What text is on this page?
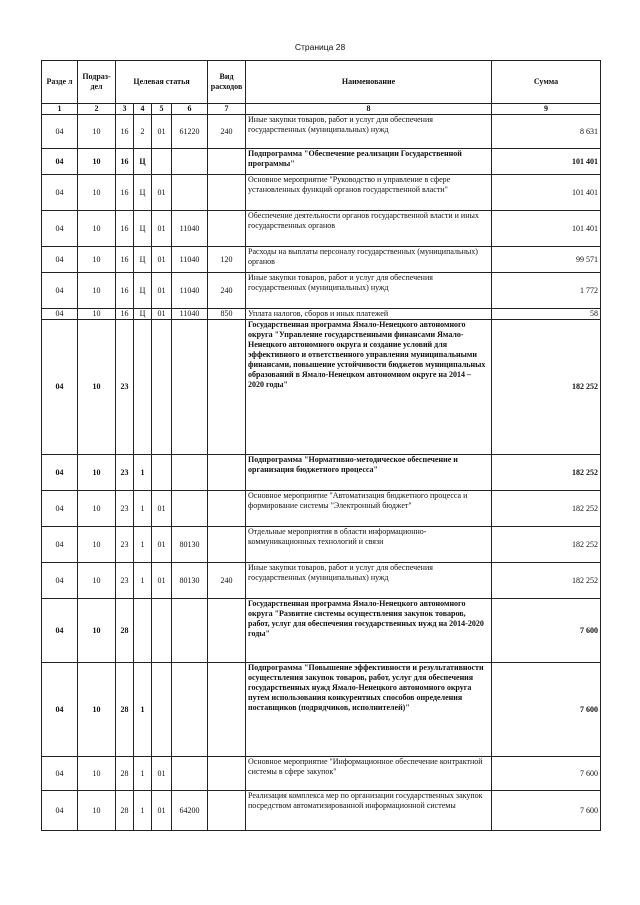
Страница 28
Разде л	Подраз-дел	Целевая статья				Вид расходов	Наименование	Сумма
1	2	3	4	5	6	7	8	9
04	10	16	2	01	61220	240	Иные закупки товаров, работ и услуг для обеспечения государственных (муниципальных) нужд	8 631
04	10	16	Ц				Подпрограмма "Обеспечение реализации Государственной программы"	101 401
04	10	16	Ц	01			Основное мероприятие "Руководство и управление в сфере установленных функций органов государственной власти"	101 401
04	10	16	Ц	01	11040		Обеспечение деятельности органов государственной власти и иных государственных органов	101 401
04	10	16	Ц	01	11040	120	Расходы на выплаты персоналу государственных (муниципальных) органов	99 571
04	10	16	Ц	01	11040	240	Иные закупки товаров, работ и услуг для обеспечения государственных (муниципальных) нужд	1 772
04	10	16	Ц	01	11040	850	Уплата налогов, сборов и иных платежей	58
04	10	23					Государственная программа Ямало-Ненецкого автономного округа "Управление государственными финансами Ямало-Ненецкого автономного округа и создание условий для эффективного и ответственного управления муниципальными финансами, повышение устойчивости бюджетов муниципальных образований в Ямало-Ненецком автономном округе на 2014 – 2020 годы"	182 252
04	10	23	1				Подпрограмма "Нормативно-методическое обеспечение и организация бюджетного процесса"	182 252
04	10	23	1	01			Основное мероприятие "Автоматизация бюджетного процесса и формирование системы "Электронный бюджет"	182 252
04	10	23	1	01	80130		Отдельные мероприятия в области информационно-коммуникационных технологий и связи	182 252
04	10	23	1	01	80130	240	Иные закупки товаров, работ и услуг для обеспечения государственных (муниципальных) нужд	182 252
04	10	28					Государственная программа Ямало-Ненецкого автономного округа "Развитие системы осуществления закупок товаров, работ, услуг для обеспечения государственных нужд на 2014-2020 годы"	7 600
04	10	28	1				Подпрограмма "Повышение эффективности и результативности осуществления закупок товаров, работ, услуг для обеспечения государственных нужд Ямало-Ненецкого автономного округа путем использования конкурентных способов определения поставщиков (подрядчиков, исполнителей)"	7 600
04	10	28	1	01			Основное мероприятие "Информационное обеспечение контрактной системы в сфере закупок"	7 600
04	10	28	1	01	64200		Реализация комплекса мер по организации государственных закупок посредством автоматизированной информационной системы	7 600
